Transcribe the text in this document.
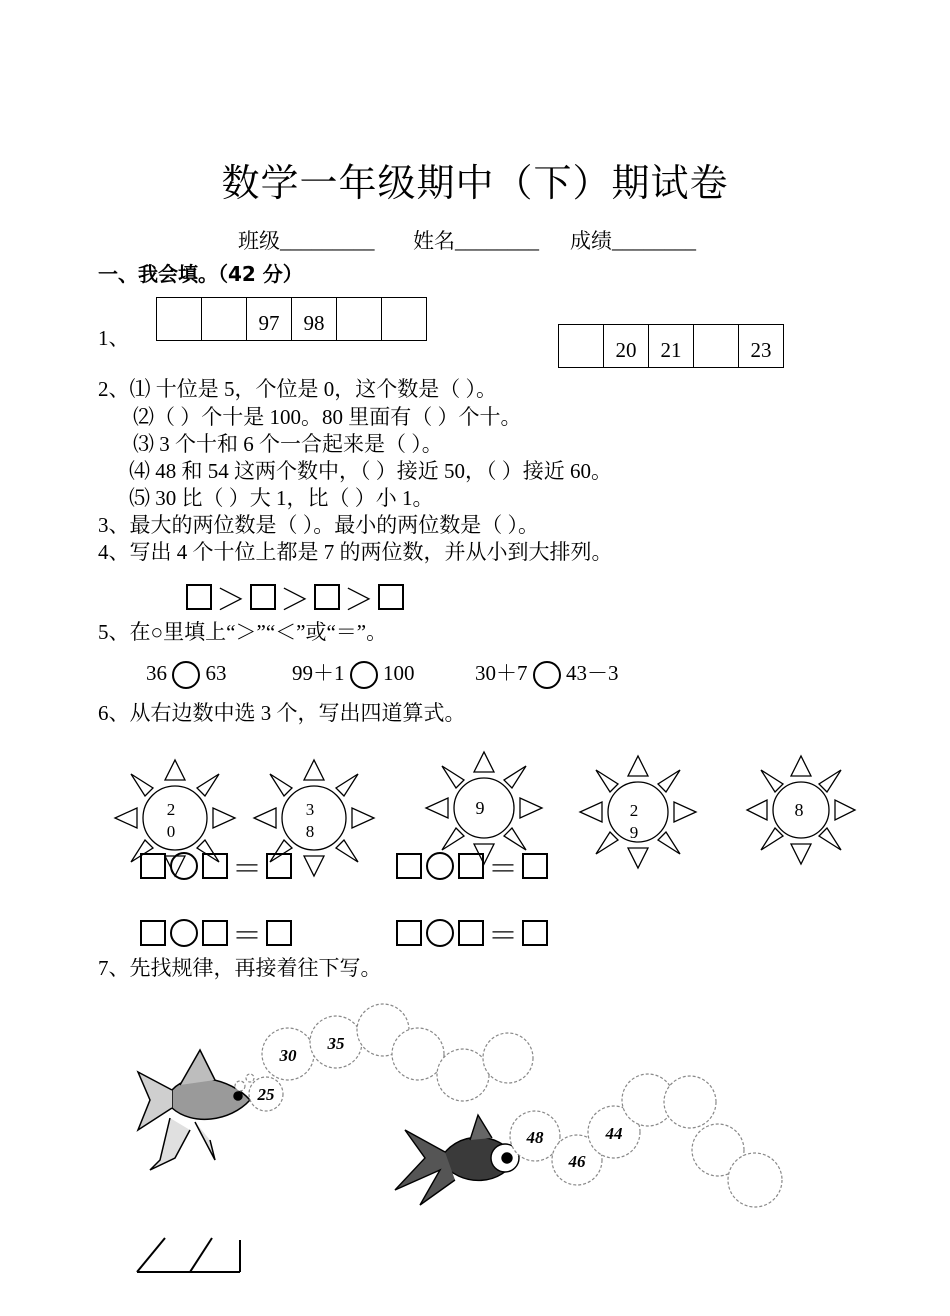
数学一年级期中（下）期试卷
班级_________ 姓名________ 成绩________
一、我会填。（42 分）
1、
97	98
20	21	23
2、⑴ 十位是 5，个位是 0，这个数是（ ）。
⑵（ ）个十是 100。80 里面有（ ）个十。
⑶ 3 个十和 6 个一合起来是（ ）。
⑷ 48 和 54 这两个数中，（ ）接近 50，（ ）接近 60。
⑸ 30 比（ ）大 1，比（ ）小 1。
3、最大的两位数是（ ）。最小的两位数是（ ）。
4、写出 4 个十位上都是 7 的两位数，并从小到大排列。
＞ ＞ ＞
5、在○里填上“＞”“＜”或“＝”。
36 63	99＋1 100	30＋7 43－3
6、从右边数中选 3 个，写出四道算式。
2
0
3
8
9	2
9
8
＝	＝
＝	＝
7、先找规律，再接着往下写。
25
30
35
48
46
44
